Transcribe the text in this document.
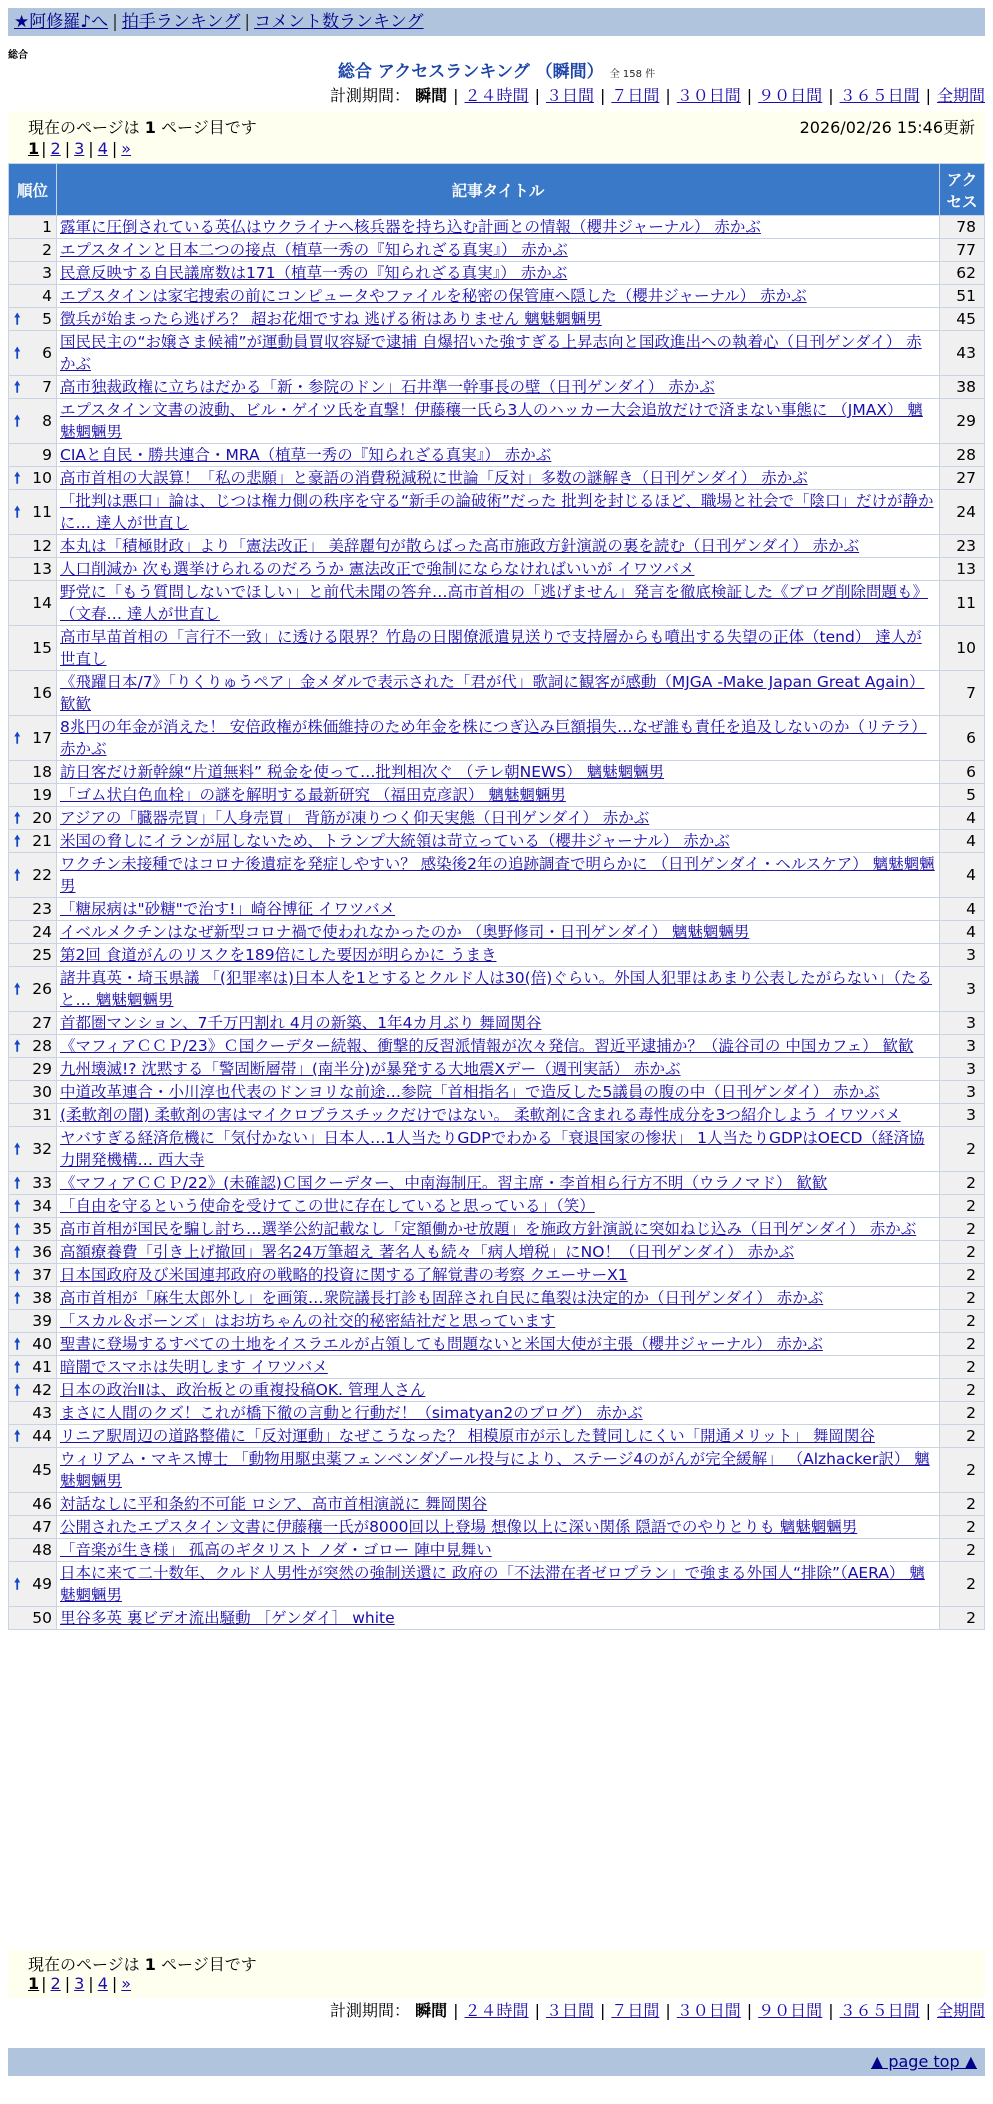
★阿修羅♪へ | 拍手ランキング | コメント数ランキング
総合
総合 アクセスランキング （瞬間） 全 158 件
計測期間： 瞬間 | ２４時間 | ３日間 | ７日間 | ３０日間 | ９０日間 | ３６５日間 | 全期間
現在のページは 1 ページ目です	2026/02/26 15:46更新
1 | 2 | 3 | 4 | »
順位	記事タイトル	アクセス
1	露軍に圧倒されている英仏はウクライナへ核兵器を持ち込む計画との情報（櫻井ジャーナル） 赤かぶ	78
2	エプスタインと日本二つの接点（植草一秀の『知られざる真実』） 赤かぶ	77
3	民意反映する自民議席数は171（植草一秀の『知られざる真実』） 赤かぶ	62
4	エプスタインは家宅捜索の前にコンピュータやファイルを秘密の保管庫へ隠した（櫻井ジャーナル） 赤かぶ	51

🠕 5	徴兵が始まったら逃げろ？ 超お花畑ですね 逃げる術はありません 魑魅魍魎男	45

🠕 6	国民民主の“お嬢さま候補”が運動員買収容疑で逮捕 自爆招いた強すぎる上昇志向と国政進出への執着心（日刊ゲンダイ） 赤かぶ	43

🠕 7	高市独裁政権に立ちはだかる「新・参院のドン」石井準一幹事長の壁（日刊ゲンダイ） 赤かぶ	38

🠕 8	エプスタイン文書の波動、ビル・ゲイツ氏を直撃！伊藤穰一氏ら3人のハッカー大会追放だけで済まない事態に （JMAX） 魑魅魍魎男	29
9	CIAと自民・勝共連合・MRA（植草一秀の『知られざる真実』） 赤かぶ	28

🠕 10	高市首相の大誤算！「私の悲願」と豪語の消費税減税に世論「反対」多数の謎解き（日刊ゲンダイ） 赤かぶ	27

🠕 11	「批判は悪口」論は、じつは権力側の秩序を守る“新手の論破術”だった 批判を封じるほど、職場と社会で「陰口」だけが静かに… 達人が世直し	24
12	本丸は「積極財政」より「憲法改正」 美辞麗句が散らばった高市施政方針演説の裏を読む（日刊ゲンダイ） 赤かぶ	23
13	人口削減か 次も選挙けられるのだろうか 憲法改正で強制にならなければいいが イワツバメ	13
14	野党に「もう質問しないでほしい」と前代未聞の答弁…高市首相の「逃げません」発言を徹底検証した《ブログ削除問題も》（文春… 達人が世直し	11
15	高市早苗首相の「言行不一致」に透ける限界？竹島の日閣僚派遣見送りで支持層からも噴出する失望の正体（tend） 達人が世直し	10
16	《飛躍日本/7》「りくりゅうペア」金メダルで表示された「君が代」歌詞に観客が感動（MJGA -Make Japan Great Again） 歓歓	7

🠕 17	8兆円の年金が消えた！ 安倍政権が株価維持のため年金を株につぎ込み巨額損失…なぜ誰も責任を追及しないのか（リテラ） 赤かぶ	6
18	訪日客だけ新幹線“片道無料” 税金を使って…批判相次ぐ （テレ朝NEWS） 魑魅魍魎男	6
19	「ゴム状白色血栓」の謎を解明する最新研究 （福田克彦訳） 魑魅魍魎男	5

🠕 20	アジアの「臓器売買」「人身売買」 背筋が凍りつく仰天実態（日刊ゲンダイ） 赤かぶ	4

🠕 21	米国の脅しにイランが屈しないため、トランプ大統領は苛立っている（櫻井ジャーナル） 赤かぶ	4

🠕 22	ワクチン未接種ではコロナ後遺症を発症しやすい？ 感染後2年の追跡調査で明らかに （日刊ゲンダイ・ヘルスケア） 魑魅魍魎男	4
23	「糖尿病は"砂糖"で治す!」崎谷博征 イワツバメ	4
24	イベルメクチンはなぜ新型コロナ禍で使われなかったのか （奥野修司・日刊ゲンダイ） 魑魅魍魎男	4
25	第2回 食道がんのリスクを189倍にした要因が明らかに うまき	3

🠕 26	諸井真英・埼玉県議 「(犯罪率は)日本人を1とするとクルド人は30(倍)ぐらい。外国人犯罪はあまり公表したがらない」（たると… 魑魅魍魎男	3
27	首都圏マンション、7千万円割れ 4月の新築、1年4カ月ぶり 舞岡関谷	3

🠕 28	《マフィアＣＣＰ/23》Ｃ国クーデター続報、衝撃的反習派情報が次々発信。習近平逮捕か？（澁谷司の 中国カフェ） 歓歓	3
29	九州壊滅!? 沈黙する「警固断層帯」(南半分)が暴発する大地震Xデー（週刊実話） 赤かぶ	3
30	中道改革連合・小川淳也代表のドンヨリな前途…参院「首相指名」で造反した5議員の腹の中（日刊ゲンダイ） 赤かぶ	3
31	(柔軟剤の闇) 柔軟剤の害はマイクロプラスチックだけではない。 柔軟剤に含まれる毒性成分を3つ紹介しよう イワツバメ	3

🠕 32	ヤバすぎる経済危機に「気付かない」日本人…1人当たりGDPでわかる「衰退国家の惨状」 1人当たりGDPはOECD（経済協力開発機構… 西大寺	2

🠕 33	《マフィアＣＣＰ/22》(未確認)Ｃ国クーデター、中南海制圧。習主席・李首相ら行方不明（ウラノマド） 歓歓	2

🠕 34	「自由を守るという使命を受けてこの世に存在していると思っている」（笑）	2

🠕 35	高市首相が国民を騙し討ち…選挙公約記載なし「定額働かせ放題」を施政方針演説に突如ねじ込み（日刊ゲンダイ） 赤かぶ	2

🠕 36	高額療養費「引き上げ撤回」署名24万筆超え 著名人も続々「病人増税」にNO！（日刊ゲンダイ） 赤かぶ	2

🠕 37	日本国政府及び米国連邦政府の戦略的投資に関する了解覚書の考察 クエーサーX1	2

🠕 38	高市首相が「麻生太郎外し」を画策…衆院議長打診も固辞され自民に亀裂は決定的か（日刊ゲンダイ） 赤かぶ	2
39	「スカル＆ボーンズ」はお坊ちゃんの社交的秘密結社だと思っています	2

🠕 40	聖書に登場するすべての土地をイスラエルが占領しても問題ないと米国大使が主張（櫻井ジャーナル） 赤かぶ	2

🠕 41	暗闇でスマホは失明します イワツバメ	2

🠕 42	日本の政治Ⅱは、政治板との重複投稿OK. 管理人さん	2
43	まさに人間のクズ！これが橋下徹の言動と行動だ！（simatyan2のブログ） 赤かぶ	2

🠕 44	リニア駅周辺の道路整備に「反対運動」なぜこうなった？ 相模原市が示した賛同しにくい「開通メリット」 舞岡関谷	2
45	ウィリアム・マキス博士 「動物用駆虫薬フェンベンダゾール投与により、ステージ4のがんが完全緩解」 （Alzhacker訳） 魑魅魍魎男	2
46	対話なしに平和条約不可能 ロシア、高市首相演説に 舞岡関谷	2
47	公開されたエプスタイン文書に伊藤穰一氏が8000回以上登場 想像以上に深い関係 隠語でのやりとりも 魑魅魍魎男	2
48	「音楽が生き様」 孤高のギタリスト ノダ・ゴロー 陣中見舞い	2

🠕 49	日本に来て二十数年、クルド人男性が突然の強制送還に 政府の「不法滞在者ゼロプラン」で強まる外国人“排除”（AERA） 魑魅魍魎男	2
50	里谷多英 裏ビデオ流出騒動 ［ゲンダイ］ white	2
現在のページは 1 ページ目です
1 | 2 | 3 | 4 | »
計測期間： 瞬間 | ２４時間 | ３日間 | ７日間 | ３０日間 | ９０日間 | ３６５日間 | 全期間
▲ page top ▲
